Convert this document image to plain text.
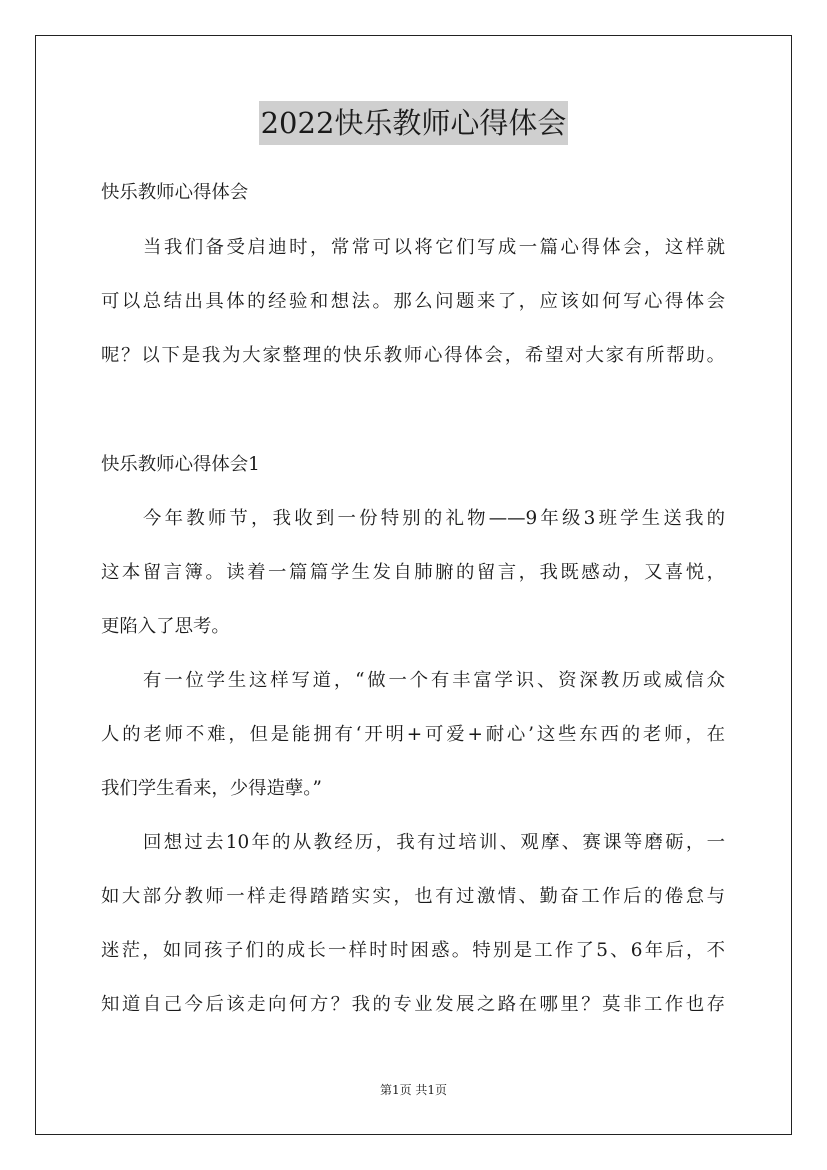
2022快乐教师心得体会
快乐教师心得体会
当我们备受启迪时，常常可以将它们写成一篇心得体会，这样就
可以总结出具体的经验和想法。那么问题来了，应该如何写心得体会
呢？以下是我为大家整理的快乐教师心得体会，希望对大家有所帮助。
快乐教师心得体会1
今年教师节，我收到一份特别的礼物——9年级3班学生送我的
这本留言簿。读着一篇篇学生发自肺腑的留言，我既感动，又喜悦，
更陷入了思考。
有一位学生这样写道，“做一个有丰富学识、资深教历或威信众
人的老师不难，但是能拥有‘开明+可爱+耐心’这些东西的老师，在
我们学生看来，少得造孽。”
回想过去10年的从教经历，我有过培训、观摩、赛课等磨砺，一
如大部分教师一样走得踏踏实实，也有过激情、勤奋工作后的倦怠与
迷茫，如同孩子们的成长一样时时困惑。特别是工作了5、6年后，不
知道自己今后该走向何方？我的专业发展之路在哪里？莫非工作也存
第1页 共1页
